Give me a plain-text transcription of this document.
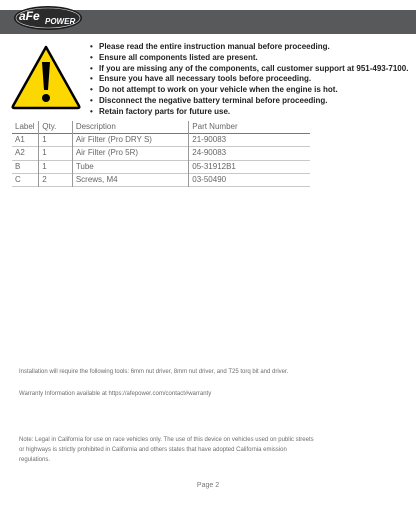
aFe POWER
• Please read the entire instruction manual before proceeding.
• Ensure all components listed are present.
• If you are missing any of the components, call customer support at 951-493-7100.
• Ensure you have all necessary tools before proceeding.
• Do not attempt to work on your vehicle when the engine is hot.
• Disconnect the negative battery terminal before proceeding.
• Retain factory parts for future use.
Label	Qty.	Description	Part Number
A1	1	Air Filter (Pro DRY S)	21-90083
A2	1	Air Filter (Pro 5R)	24-90083
B	1	Tube	05-31912B1
C	2	Screws, M4	03-50490

Installation will require the following tools: 6mm nut driver, 8mm nut driver, and T25 torq bit and driver.

Warranty Information available at https://afepower.com/contact#warranty

Note: Legal in California for use on race vehicles only. The use of this device on vehicles used on public streets or highways is strictly prohibited in California and others states that have adopted California emission regulations.

Page 2
